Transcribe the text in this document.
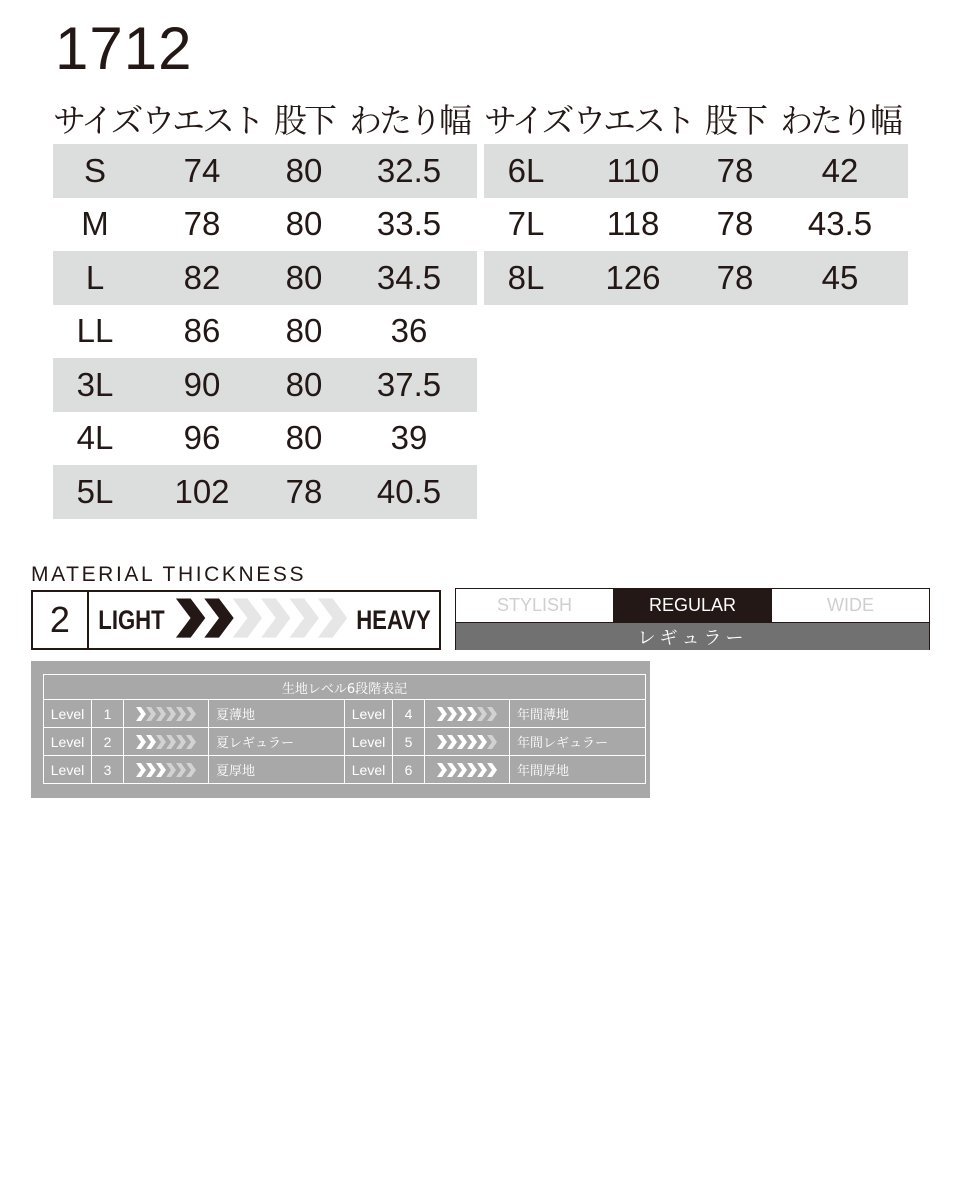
1712
サイズ ウエスト 股下 わたり幅
S	74	80	32.5
M	78	80	33.5
L	82	80	34.5
LL	86	80	36
3L	90	80	37.5
4L	96	80	39
5L	102	78	40.5
サイズ ウエスト 股下 わたり幅
6L	110	78	42
7L	118	78	43.5
8L	126	78	45
MATERIAL THICKNESS
2	LIGHT	HEAVY	STYLISH	REGULAR	WIDE
レギュラー
生地レベル6段階表記							
Level	1		夏薄地	Level	4		年間薄地
Level	2		夏レギュラー	Level	5		年間レギュラー
Level	3		夏厚地	Level	6		年間厚地
